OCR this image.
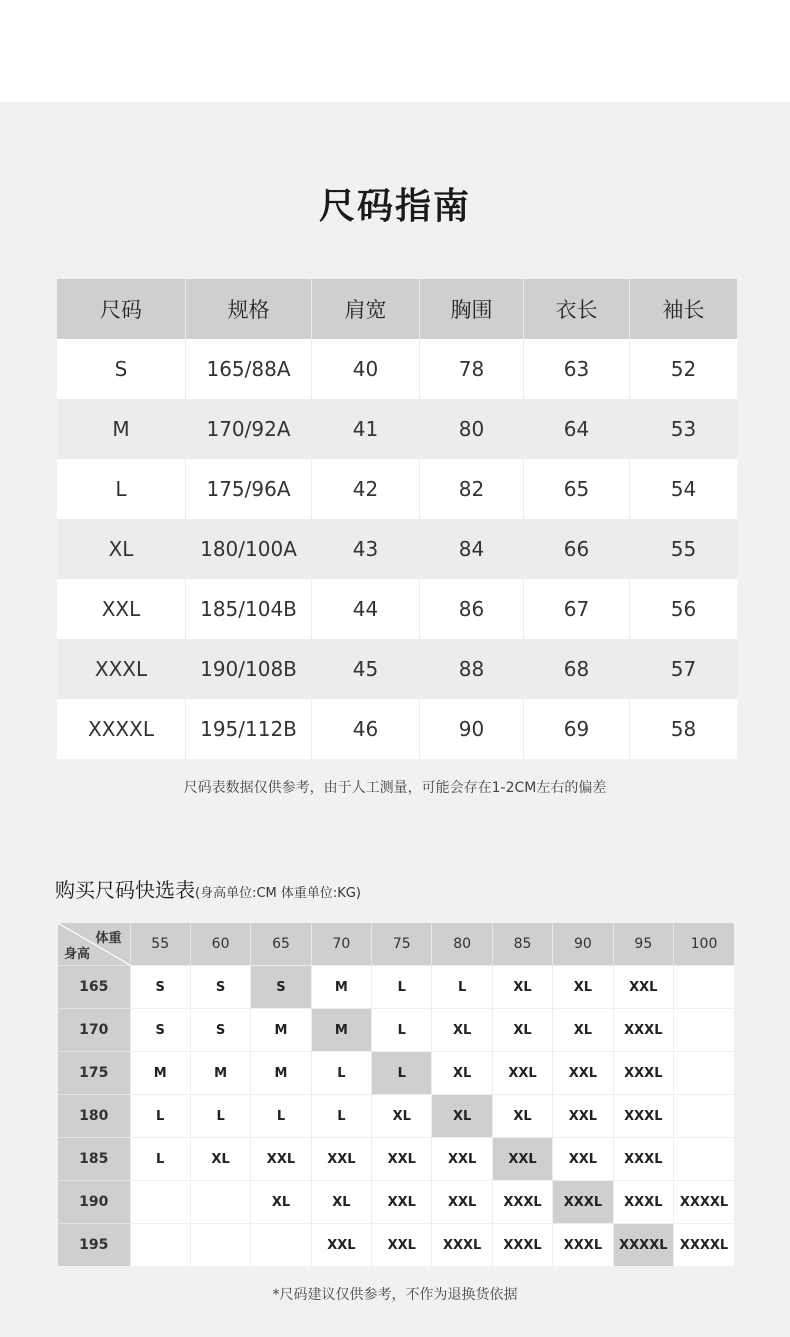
尺码指南
尺码	规格	肩宽	胸围	衣长	袖长
S	165/88A	40	78	63	52
M	170/92A	41	80	64	53
L	175/96A	42	82	65	54
XL	180/100A	43	84	66	55
XXL	185/104B	44	86	67	56
XXXL	190/108B	45	88	68	57
XXXXL	195/112B	46	90	69	58
尺码表数据仅供参考，由于人工测量，可能会存在1-2CM左右的偏差
购买尺码快选表(身高单位:CM 体重单位:KG)
体重
身高	55	60	65	70	75	80	85	90	95	100
165	S	S	S	M	L	L	XL	XL	XXL	
170	S	S	M	M	L	XL	XL	XL	XXXL	
175	M	M	M	L	L	XL	XXL	XXL	XXXL	
180	L	L	L	L	XL	XL	XL	XXL	XXXL	
185	L	XL	XXL	XXL	XXL	XXL	XXL	XXL	XXXL	
190			XL	XL	XXL	XXL	XXXL	XXXL	XXXL	XXXXL
195				XXL	XXL	XXXL	XXXL	XXXL	XXXXL	XXXXL
*尺码建议仅供参考，不作为退换货依据
